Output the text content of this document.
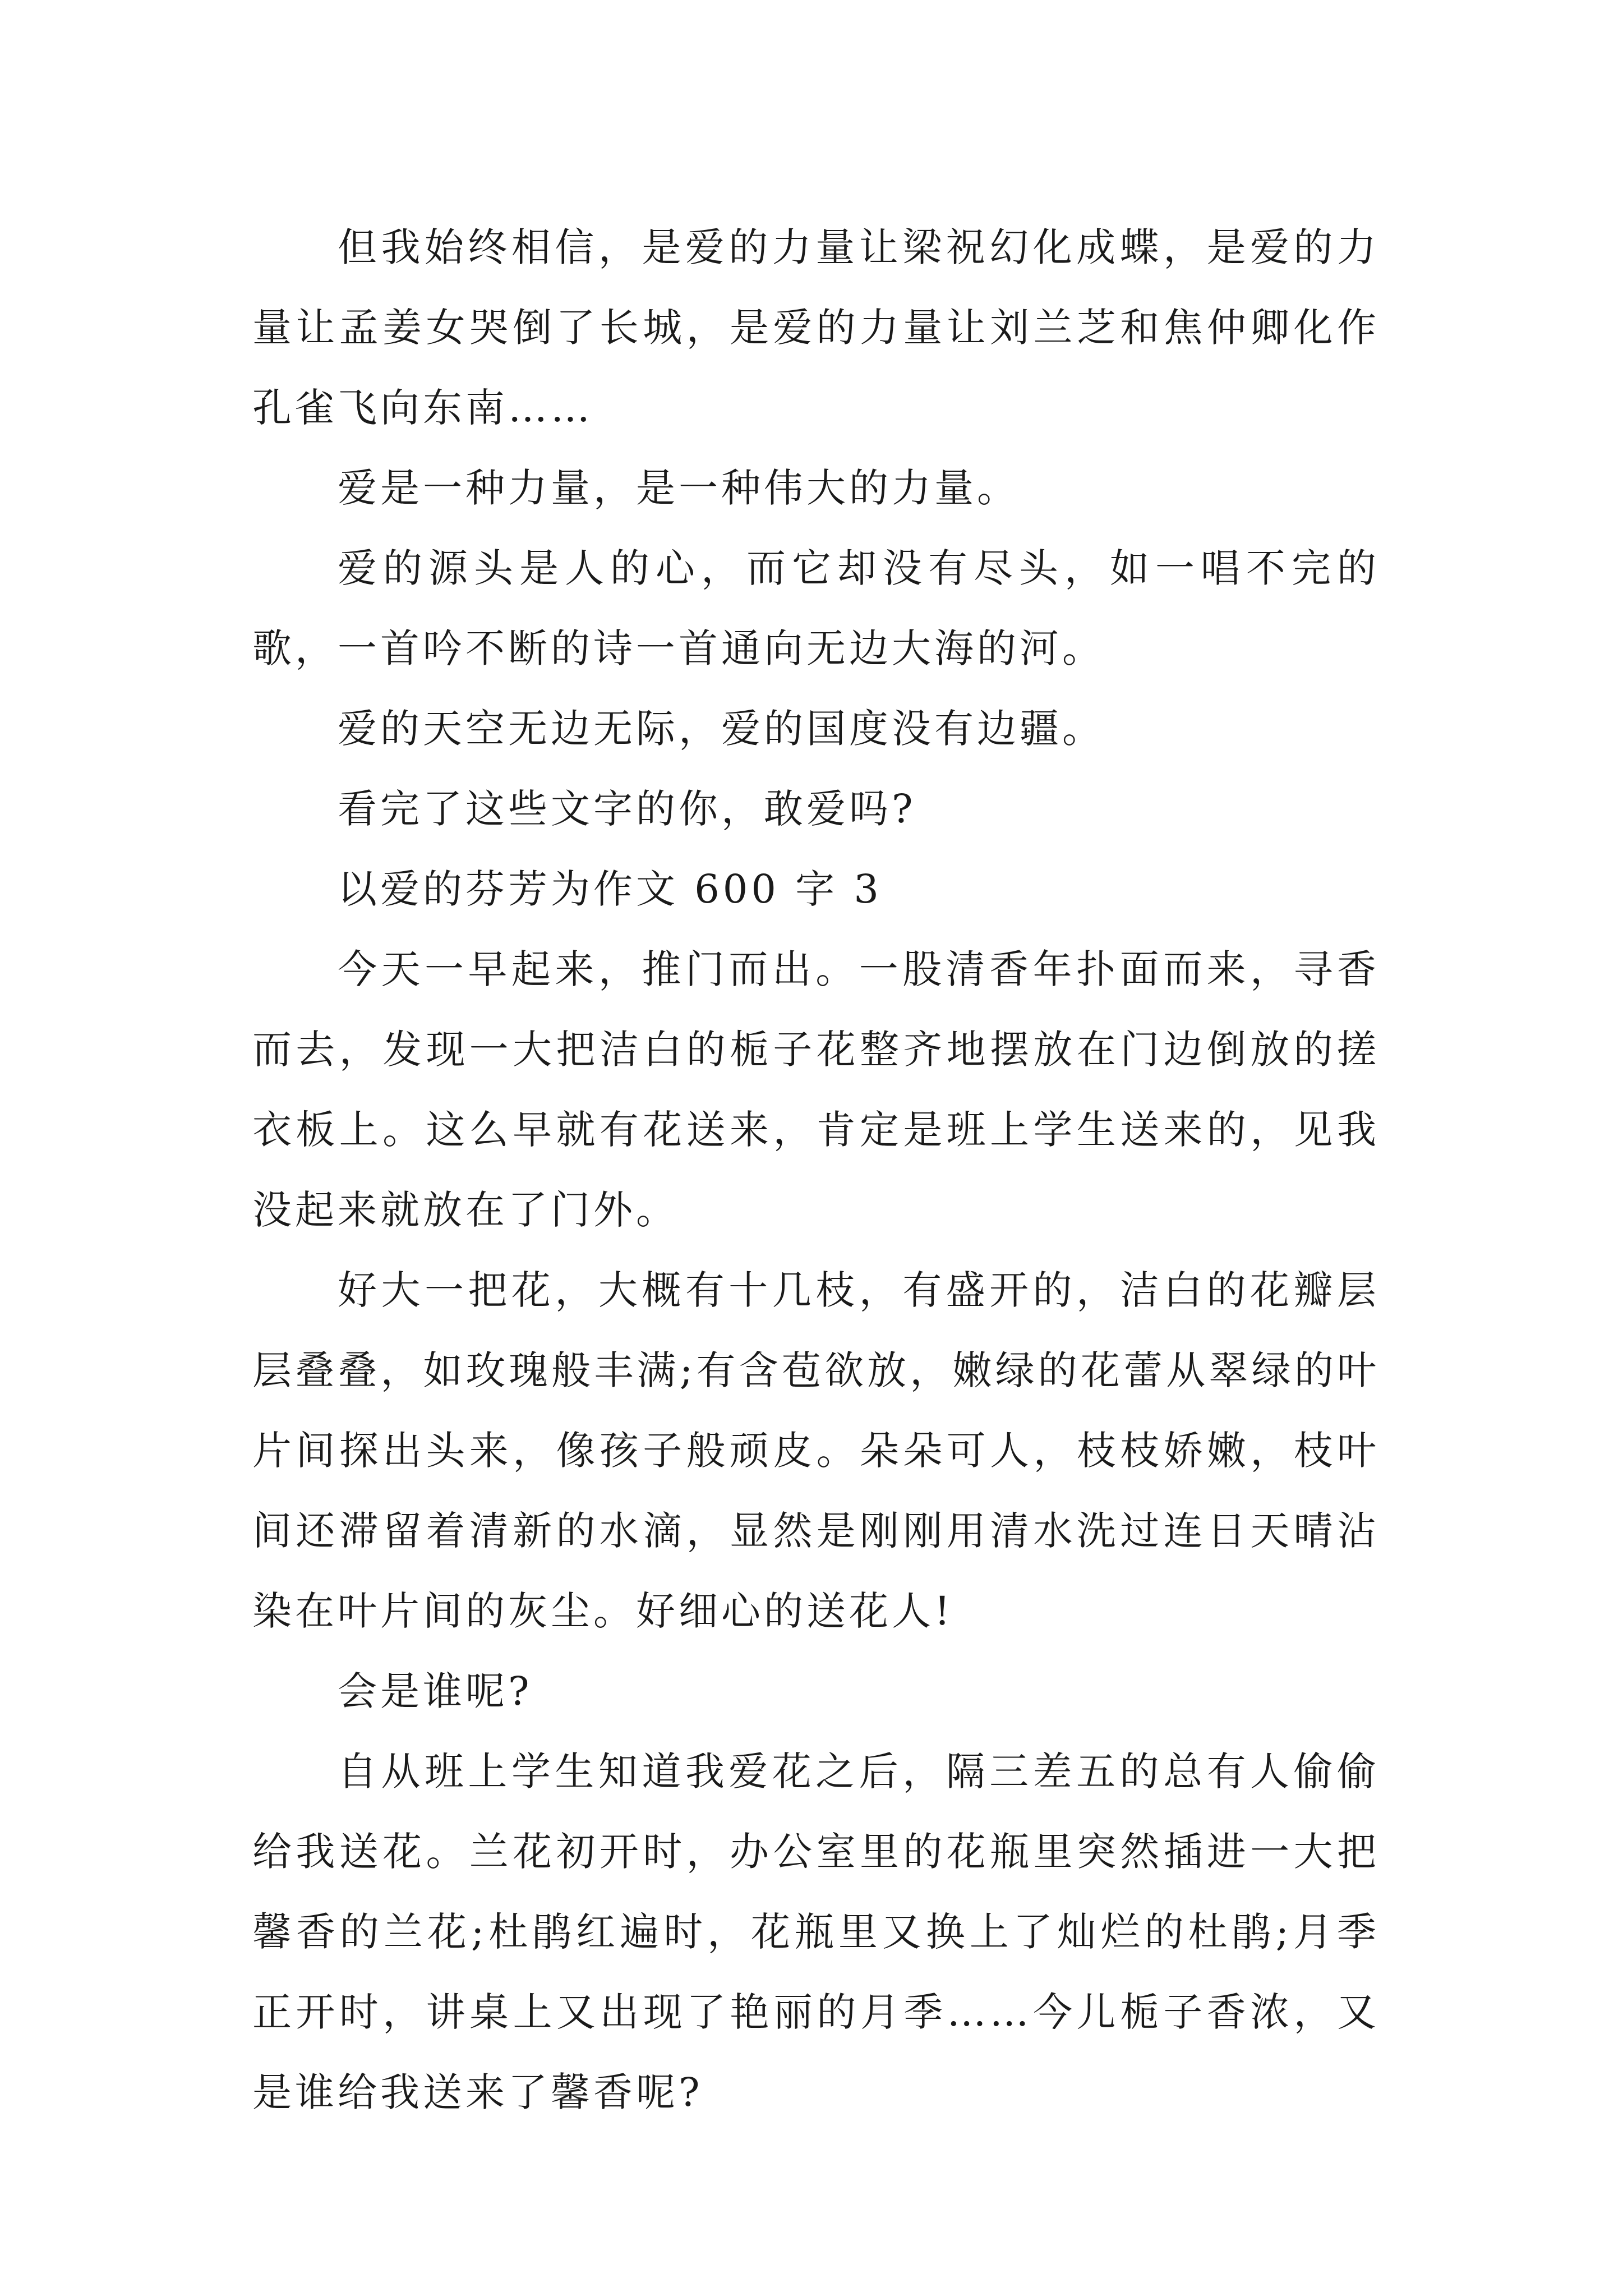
但我始终相信，是爱的力量让梁祝幻化成蝶，是爱的力量让孟姜女哭倒了长城，是爱的力量让刘兰芝和焦仲卿化作孔雀飞向东南……

爱是一种力量，是一种伟大的力量。

爱的源头是人的心，而它却没有尽头，如一唱不完的歌，一首吟不断的诗一首通向无边大海的河。

爱的天空无边无际，爱的国度没有边疆。

看完了这些文字的你，敢爱吗?

以爱的芬芳为作文 600 字 3

今天一早起来，推门而出。一股清香年扑面而来，寻香而去，发现一大把洁白的栀子花整齐地摆放在门边倒放的搓衣板上。这么早就有花送来，肯定是班上学生送来的，见我没起来就放在了门外。

好大一把花，大概有十几枝，有盛开的，洁白的花瓣层层叠叠，如玫瑰般丰满;有含苞欲放，嫩绿的花蕾从翠绿的叶片间探出头来，像孩子般顽皮。朵朵可人，枝枝娇嫩，枝叶间还滞留着清新的水滴，显然是刚刚用清水洗过连日天晴沾染在叶片间的灰尘。好细心的送花人!

会是谁呢?

自从班上学生知道我爱花之后，隔三差五的总有人偷偷给我送花。兰花初开时，办公室里的花瓶里突然插进一大把馨香的兰花;杜鹃红遍时，花瓶里又换上了灿烂的杜鹃;月季正开时，讲桌上又出现了艳丽的月季……今儿栀子香浓，又是谁给我送来了馨香呢?
